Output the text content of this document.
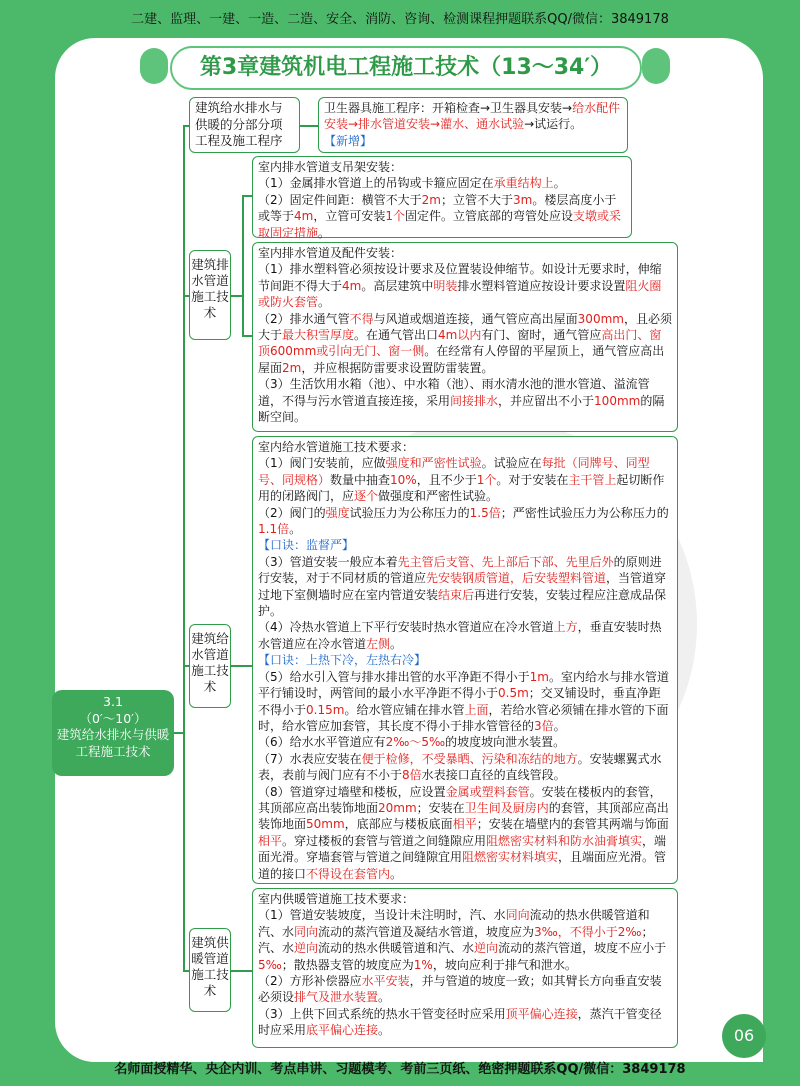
二建、监理、一建、一造、二造、安全、消防、咨询、检测课程押题联系QQ/微信：3849178
第3章建筑机电工程施工技术（13～34′）
3.1
（0′～10′）
建筑给水排水与供暖工程施工技术
建筑给水排水与供暖的分部分项工程及施工程序
卫生器具施工程序：开箱检查→卫生器具安装→给水配件安装→排水管道安装→灌水、通水试验→试运行。【新增】
建筑排水管道施工技术

室内排水管道支吊架安装：

（1）金属排水管道上的吊钩或卡箍应固定在承重结构上。

（2）固定件间距：横管不大于2m；立管不大于3m。楼层高度小于或等于4m，立管可安装1个固定件。立管底部的弯管处应设支墩或采取固定措施。

室内排水管道及配件安装：

（1）排水塑料管必须按设计要求及位置装设伸缩节。如设计无要求时，伸缩节间距不得大于4m。高层建筑中明装排水塑料管道应按设计要求设置阻火圈或防火套管。

（2）排水通气管不得与风道或烟道连接，通气管应高出屋面300mm，且必须大于最大积雪厚度。在通气管出口4m以内有门、窗时，通气管应高出门、窗顶600mm或引向无门、窗一侧。在经常有人停留的平屋顶上，通气管应高出屋面2m，并应根据防雷要求设置防雷装置。

（3）生活饮用水箱（池）、中水箱（池）、雨水清水池的泄水管道、溢流管道，不得与污水管道直接连接，采用间接排水，并应留出不小于100mm的隔断空间。

建筑给水管道施工技术

室内给水管道施工技术要求：

（1）阀门安装前，应做强度和严密性试验。试验应在每批（同牌号、同型号、同规格）数量中抽查10%，且不少于1个。对于安装在主干管上起切断作用的闭路阀门，应逐个做强度和严密性试验。

（2）阀门的强度试验压力为公称压力的1.5倍；严密性试验压力为公称压力的1.1倍。

【口诀：监督严】

（3）管道安装一般应本着先主管后支管、先上部后下部、先里后外的原则进行安装，对于不同材质的管道应先安装钢质管道，后安装塑料管道，当管道穿过地下室侧墙时应在室内管道安装结束后再进行安装，安装过程应注意成品保护。

（4）冷热水管道上下平行安装时热水管道应在冷水管道上方，垂直安装时热水管道应在冷水管道左侧。

【口诀：上热下冷，左热右冷】

（5）给水引入管与排水排出管的水平净距不得小于1m。室内给水与排水管道平行铺设时，两管间的最小水平净距不得小于0.5m；交叉铺设时，垂直净距不得小于0.15m。给水管应铺在排水管上面，若给水管必须铺在排水管的下面时，给水管应加套管，其长度不得小于排水管管径的3倍。

（6）给水水平管道应有2‰～5‰的坡度坡向泄水装置。

（7）水表应安装在便于检修，不受暴晒、污染和冻结的地方。安装螺翼式水表，表前与阀门应有不小于8倍水表接口直径的直线管段。

（8）管道穿过墙壁和楼板，应设置金属或塑料套管。安装在楼板内的套管，其顶部应高出装饰地面20mm；安装在卫生间及厨房内的套管，其顶部应高出装饰地面50mm，底部应与楼板底面相平；安装在墙壁内的套管其两端与饰面相平。穿过楼板的套管与管道之间缝隙应用阻燃密实材料和防水油膏填实，端面光滑。穿墙套管与管道之间缝隙宜用阻燃密实材料填实，且端面应光滑。管道的接口不得设在套管内。

建筑供暖管道施工技术

室内供暖管道施工技术要求：

（1）管道安装坡度，当设计未注明时，汽、水同向流动的热水供暖管道和汽、水同向流动的蒸汽管道及凝结水管道，坡度应为3‰，不得小于2‰；汽、水逆向流动的热水供暖管道和汽、水逆向流动的蒸汽管道，坡度不应小于5‰；散热器支管的坡度应为1%，坡向应利于排气和泄水。

（2）方形补偿器应水平安装，并与管道的坡度一致；如其臂长方向垂直安装必须设排气及泄水装置。

（3）上供下回式系统的热水干管变径时应采用顶平偏心连接，蒸汽干管变径时应采用底平偏心连接。	06
名师面授精华、央企内训、考点串讲、习题模考、考前三页纸、绝密押题联系QQ/微信：3849178
